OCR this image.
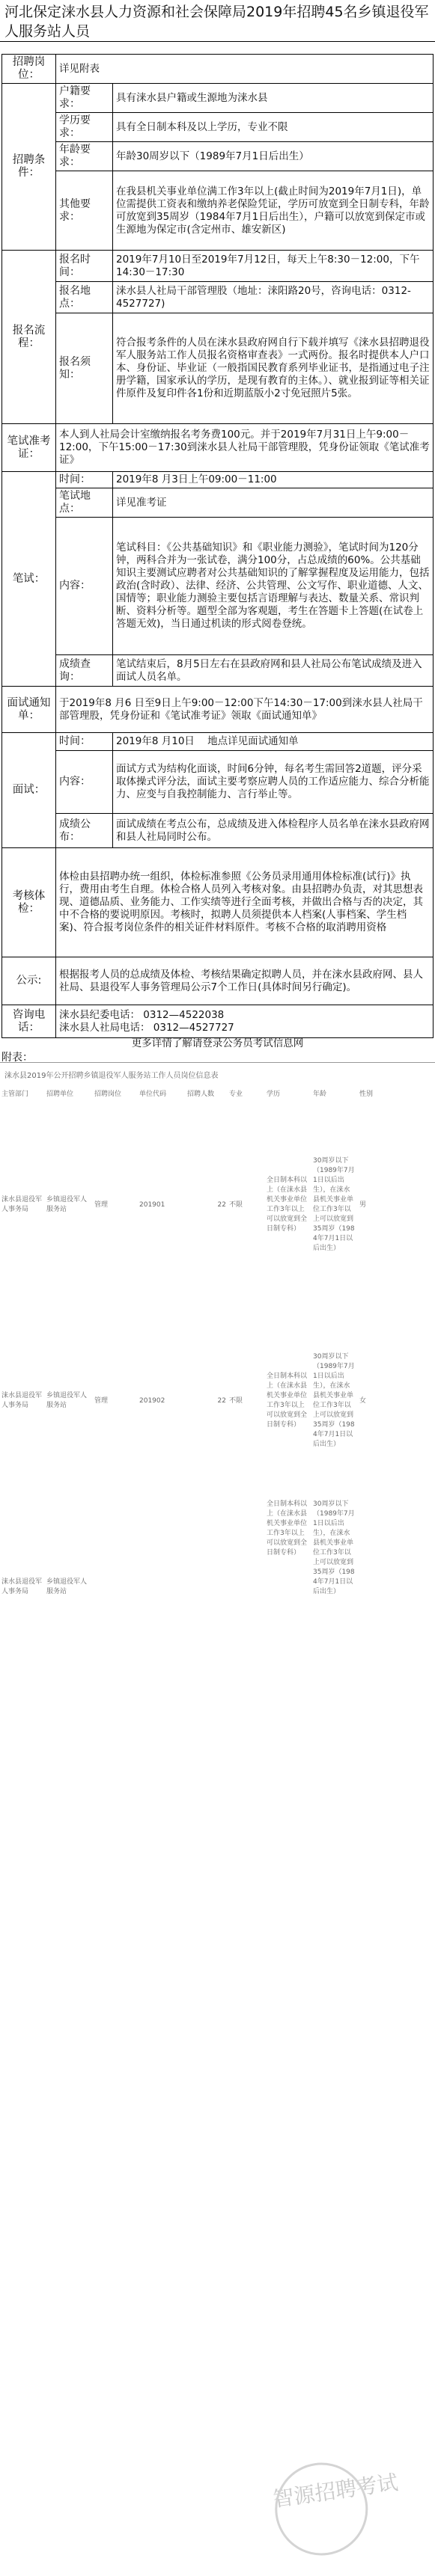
河北保定涞水县人力资源和社会保障局2019年招聘45名乡镇退役军人服务站人员
招聘岗位：	详见附表	
招聘条件：	户籍要求：	具有涞水县户籍或生源地为涞水县
	学历要求：	具有全日制本科及以上学历，专业不限
	年龄要求：	年龄30周岁以下（1989年7月1日后出生）
	其他要求：	在我县机关事业单位满工作3年以上(截止时间为2019年7月1日)，单位需提供工资表和缴纳养老保险凭证，学历可放宽到全日制专科，年龄可放宽到35周岁（1984年7月1日后出生），户籍可以放宽到保定市或生源地为保定市(含定州市、雄安新区)
报名流程：	报名时间：	2019年7月10日至2019年7月12日，每天上午8:30－12:00，下午14:30－17:30
	报名地点：	涞水县人社局干部管理股（地址：涞阳路20号，咨询电话：0312-4527727)
	报名须知：	符合报考条件的人员在涞水县政府网自行下载并填写《涞水县招聘退役军人服务站工作人员报名资格审查表》一式两份。报名时提供本人户口本、身份证、毕业证（一般指国民教育系列毕业证书，是指通过电子注册学籍，国家承认的学历，是现有教育的主体。）、就业报到证等相关证件原件及复印件各1份和近期蓝版小2寸免冠照片5张。
笔试准考证：	本人到人社局会计室缴纳报名考务费100元。并于2019年7月31日上午9:00－12:00，下午15:00－17:30到涞水县人社局干部管理股，凭身份证领取《笔试准考证》	
笔试：	时间：	2019年8 月3日上午09:00－11:00
	笔试地点：	详见准考证
	内容：	笔试科目：《公共基础知识》和《职业能力测验》，笔试时间为120分钟，两科合并为一张试卷，满分100分，占总成绩的60%。公共基础知识主要测试应聘者对公共基础知识的了解掌握程度及运用能力，包括政治(含时政）、法律、经济、公共管理、公文写作、职业道德、人文、国情等；职业能力测验主要包括言语理解与表达、数量关系、常识判断、资料分析等。题型全部为客观题，考生在答题卡上答题(在试卷上答题无效)，当日通过机读的形式阅卷登统。
	成绩查询：	笔试结束后，8月5日左右在县政府网和县人社局公布笔试成绩及进入面试人员名单。
面试通知单：	于2019年8 月6 日至9日上午9:00－12:00下午14:30－17:00到涞水县人社局干部管理股，凭身份证和《笔试准考证》领取《面试通知单》	
面试：	时间：	2019年8 月10日    地点详见面试通知单
	内容：	面试方式为结构化面谈，时间6分钟，每名考生需回答2道题，评分采取体操式评分法，面试主要考察应聘人员的工作适应能力、综合分析能力、应变与自我控制能力、言行举止等。
	成绩公布：	面试成绩在考点公布，总成绩及进入体检程序人员名单在涞水县政府网和县人社局同时公布。
考核体检：	体检由县招聘办统一组织，体检标准参照《公务员录用通用体检标准(试行)》执行，费用由考生自理。体检合格人员列入考核对象。由县招聘办负责，对其思想表现、道德品质、业务能力、工作实绩等进行全面考核，并做出合格与否的决定，其中不合格的要说明原因。考核时，拟聘人员须提供本人档案(人事档案、学生档案)、符合报考岗位条件的相关证件材料原件。考核不合格的取消聘用资格	
公示:	根据报考人员的总成绩及体检、考核结果确定拟聘人员，并在涞水县政府网、县人社局、县退役军人事务管理局公示7个工作日(具体时间另行确定)。	
咨询电话：	涞水县纪委电话： 0312—4522038
涞水县人社局电话： 0312—4527727	
更多详情了解请登录公务员考试信息网
附表：
涞水县2019年公开招聘乡镇退役军人服务站工作人员岗位信息表
主管部门	招聘单位	招聘岗位	单位代码	招聘人数	专业	学历	年龄	性别
涞水县退役军人事务局	乡镇退役军人服务站	管理	201901	22	不限	全日制本科以上（在涞水县机关事业单位工作3年以上可以放宽到全日制专科）	30周岁以下（1989年7月1日以后出生），在涞水县机关事业单位工作3年以上可以放宽到35周岁（1984年7月1日以后出生）	男
涞水县退役军人事务局	乡镇退役军人服务站	管理	201902	22	不限	全日制本科以上（在涞水县机关事业单位工作3年以上可以放宽到全日制专科）	30周岁以下（1989年7月1日以后出生），在涞水县机关事业单位工作3年以上可以放宽到35周岁（1984年7月1日以后出生）	女
涞水县退役军人事务局	乡镇退役军人服务站					全日制本科以上（在涞水县机关事业单位工作3年以上可以放宽到全日制专科）	30周岁以下（1989年7月1日以后出生），在涞水县机关事业单位工作3年以上可以放宽到35周岁（1984年7月1日以后出生）	
智源招聘考试
